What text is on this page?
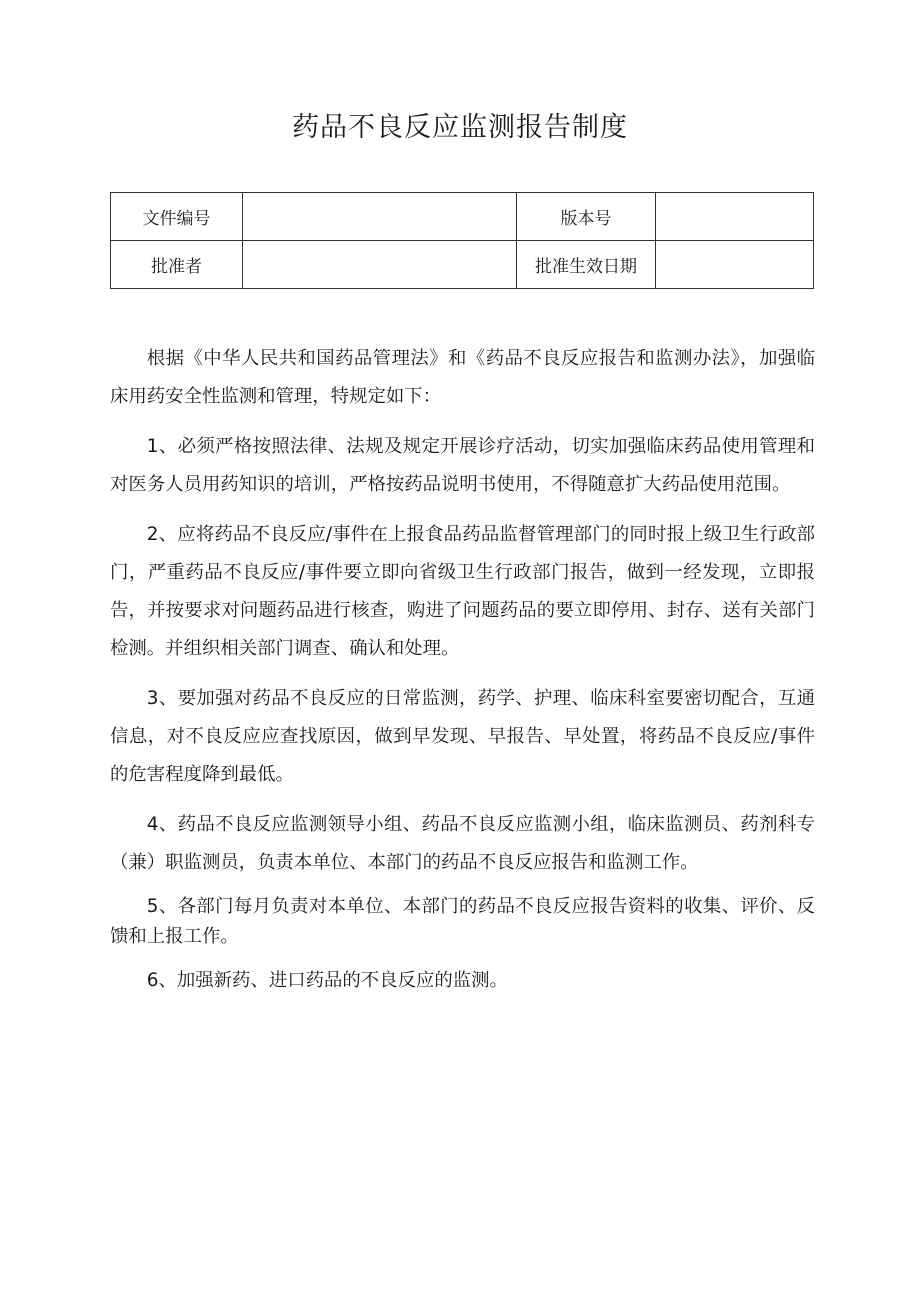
药品不良反应监测报告制度
文件编号		版本号	
批准者		批准生效日期	

根据《中华人民共和国药品管理法》和《药品不良反应报告和监测办法》，加强临床用药安全性监测和管理，特规定如下：

1、必须严格按照法律、法规及规定开展诊疗活动，切实加强临床药品使用管理和对医务人员用药知识的培训，严格按药品说明书使用，不得随意扩大药品使用范围。

2、应将药品不良反应/事件在上报食品药品监督管理部门的同时报上级卫生行政部门，严重药品不良反应/事件要立即向省级卫生行政部门报告，做到一经发现，立即报告，并按要求对问题药品进行核查，购进了问题药品的要立即停用、封存、送有关部门检测。并组织相关部门调查、确认和处理。

3、要加强对药品不良反应的日常监测，药学、护理、临床科室要密切配合，互通信息，对不良反应应查找原因，做到早发现、早报告、早处置，将药品不良反应/事件的危害程度降到最低。

4、药品不良反应监测领导小组、药品不良反应监测小组，临床监测员、药剂科专（兼）职监测员，负责本单位、本部门的药品不良反应报告和监测工作。

5、各部门每月负责对本单位、本部门的药品不良反应报告资料的收集、评价、反馈和上报工作。

6、加强新药、进口药品的不良反应的监测。
